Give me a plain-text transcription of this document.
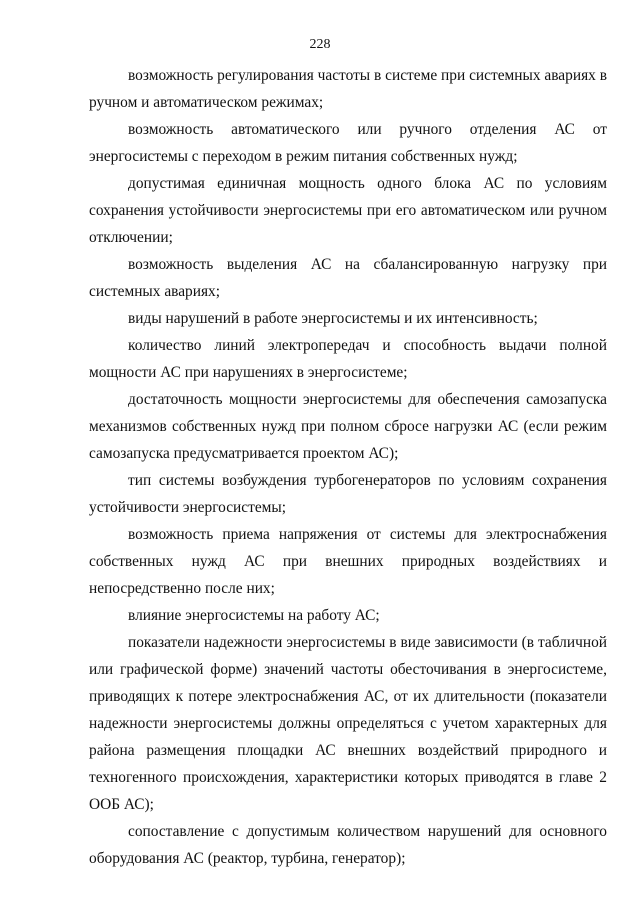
228

возможность регулирования частоты в системе при системных авариях в ручном и автоматическом режимах;

возможность автоматического или ручного отделения АС от энергосистемы с переходом в режим питания собственных нужд;

допустимая единичная мощность одного блока АС по условиям сохранения устойчивости энергосистемы при его автоматическом или ручном отключении;

возможность выделения АС на сбалансированную нагрузку при системных авариях;

виды нарушений в работе энергосистемы и их интенсивность;

количество линий электропередач и способность выдачи полной мощности АС при нарушениях в энергосистеме;

достаточность мощности энергосистемы для обеспечения самозапуска механизмов собственных нужд при полном сбросе нагрузки АС (если режим самозапуска предусматривается проектом АС);

тип системы возбуждения турбогенераторов по условиям сохранения устойчивости энергосистемы;

возможность приема напряжения от системы для электроснабжения собственных нужд АС при внешних природных воздействиях и непосредственно после них;

влияние энергосистемы на работу АС;

показатели надежности энергосистемы в виде зависимости (в табличной или графической форме) значений частоты обесточивания в энергосистеме, приводящих к потере электроснабжения АС, от их длительности (показатели надежности энергосистемы должны определяться с учетом характерных для района размещения площадки АС внешних воздействий природного и техногенного происхождения, характеристики которых приводятся в главе 2 ООБ АС);

сопоставление с допустимым количеством нарушений для основного оборудования АС (реактор, турбина, генератор);
